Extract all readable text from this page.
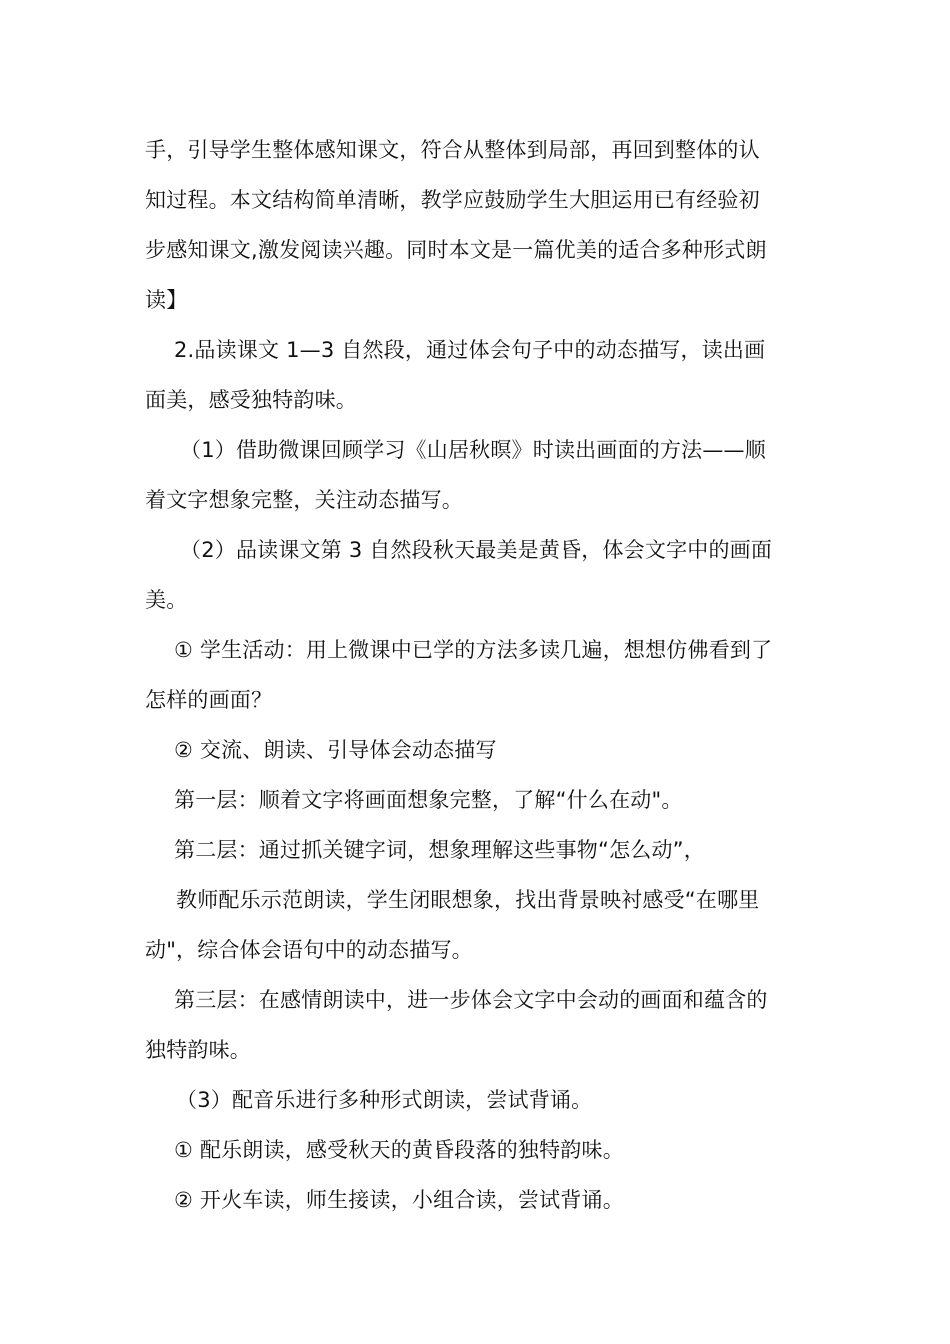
手，引导学生整体感知课文，符合从整体到局部，再回到整体的认
知过程。本文结构简单清晰，教学应鼓励学生大胆运用已有经验初
步感知课文,激发阅读兴趣。同时本文是一篇优美的适合多种形式朗
读】
2.品读课文 1—3 自然段，通过体会句子中的动态描写，读出画
面美，感受独特韵味。
（1）借助微课回顾学习《山居秋暝》时读出画面的方法——顺
着文字想象完整，关注动态描写。
（2）品读课文第 3 自然段秋天最美是黄昏，体会文字中的画面
美。
① 学生活动：用上微课中已学的方法多读几遍，想想仿佛看到了
怎样的画面？
② 交流、朗读、引导体会动态描写
第一层：顺着文字将画面想象完整，了解“什么在动"。
第二层：通过抓关键字词，想象理解这些事物“怎么动”，
教师配乐示范朗读，学生闭眼想象，找出背景映衬感受“在哪里
动"，综合体会语句中的动态描写。
第三层：在感情朗读中，进一步体会文字中会动的画面和蕴含的
独特韵味。
（3）配音乐进行多种形式朗读，尝试背诵。
① 配乐朗读，感受秋天的黄昏段落的独特韵味。
② 开火车读，师生接读，小组合读，尝试背诵。
